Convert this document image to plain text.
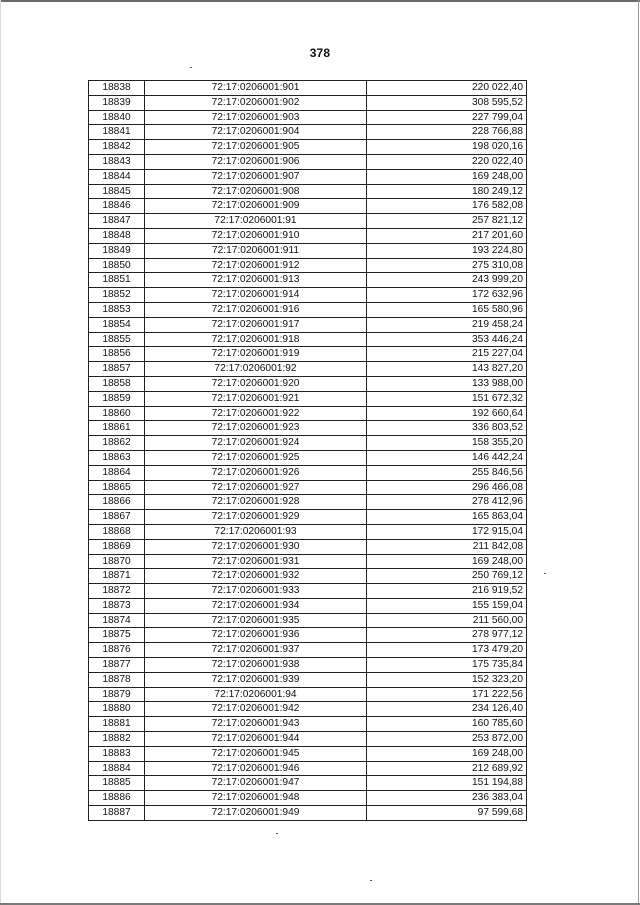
378
18838	72:17:0206001:901	220 022,40
18839	72:17:0206001:902	308 595,52
18840	72:17:0206001:903	227 799,04
18841	72:17:0206001:904	228 766,88
18842	72:17:0206001:905	198 020,16
18843	72:17:0206001:906	220 022,40
18844	72:17:0206001:907	169 248,00
18845	72:17:0206001:908	180 249,12
18846	72:17:0206001:909	176 582,08
18847	72:17:0206001:91	257 821,12
18848	72:17:0206001:910	217 201,60
18849	72:17:0206001:911	193 224,80
18850	72:17:0206001:912	275 310,08
18851	72:17:0206001:913	243 999,20
18852	72:17:0206001:914	172 632,96
18853	72:17:0206001:916	165 580,96
18854	72:17:0206001:917	219 458,24
18855	72:17:0206001:918	353 446,24
18856	72:17:0206001:919	215 227,04
18857	72:17:0206001:92	143 827,20
18858	72:17:0206001:920	133 988,00
18859	72:17:0206001:921	151 672,32
18860	72:17:0206001:922	192 660,64
18861	72:17:0206001:923	336 803,52
18862	72:17:0206001:924	158 355,20
18863	72:17:0206001:925	146 442,24
18864	72:17:0206001:926	255 846,56
18865	72:17:0206001:927	296 466,08
18866	72:17:0206001:928	278 412,96
18867	72:17:0206001:929	165 863,04
18868	72:17:0206001:93	172 915,04
18869	72:17:0206001:930	211 842,08
18870	72:17:0206001:931	169 248,00
18871	72:17:0206001:932	250 769,12
18872	72:17:0206001:933	216 919,52
18873	72:17:0206001:934	155 159,04
18874	72:17:0206001:935	211 560,00
18875	72:17:0206001:936	278 977,12
18876	72:17:0206001:937	173 479,20
18877	72:17:0206001:938	175 735,84
18878	72:17:0206001:939	152 323,20
18879	72:17:0206001:94	171 222,56
18880	72:17:0206001:942	234 126,40
18881	72:17:0206001:943	160 785,60
18882	72:17:0206001:944	253 872,00
18883	72:17:0206001:945	169 248,00
18884	72:17:0206001:946	212 689,92
18885	72:17:0206001:947	151 194,88
18886	72:17:0206001:948	236 383,04
18887	72:17:0206001:949	97 599,68
